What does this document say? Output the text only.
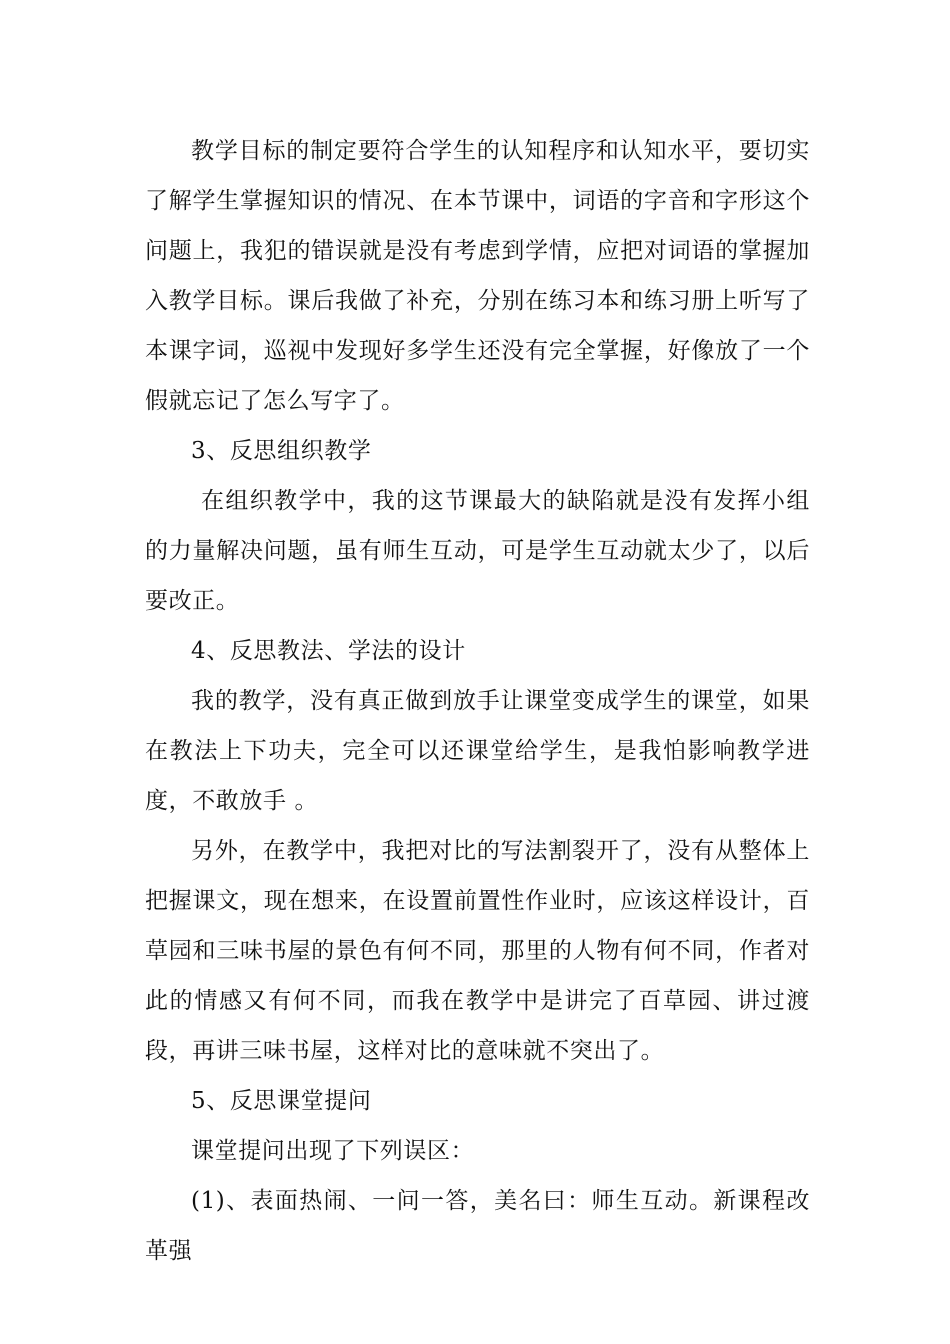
教学目标的制定要符合学生的认知程序和认知水平，要切实了解学生掌握知识的情况、在本节课中，词语的字音和字形这个问题上，我犯的错误就是没有考虑到学情，应把对词语的掌握加入教学目标。课后我做了补充，分别在练习本和练习册上听写了本课字词，巡视中发现好多学生还没有完全掌握，好像放了一个假就忘记了怎么写字了。

3、反思组织教学

在组织教学中，我的这节课最大的缺陷就是没有发挥小组的力量解决问题，虽有师生互动，可是学生互动就太少了，以后要改正。

4、反思教法、学法的设计

我的教学，没有真正做到放手让课堂变成学生的课堂，如果在教法上下功夫，完全可以还课堂给学生，是我怕影响教学进度，不敢放手 。

另外，在教学中，我把对比的写法割裂开了，没有从整体上把握课文，现在想来，在设置前置性作业时，应该这样设计，百草园和三味书屋的景色有何不同，那里的人物有何不同，作者对此的情感又有何不同，而我在教学中是讲完了百草园、讲过渡段，再讲三味书屋，这样对比的意味就不突出了。

5、反思课堂提问

课堂提问出现了下列误区：

(1)、表面热闹、一问一答，美名曰：师生互动。新课程改革强
